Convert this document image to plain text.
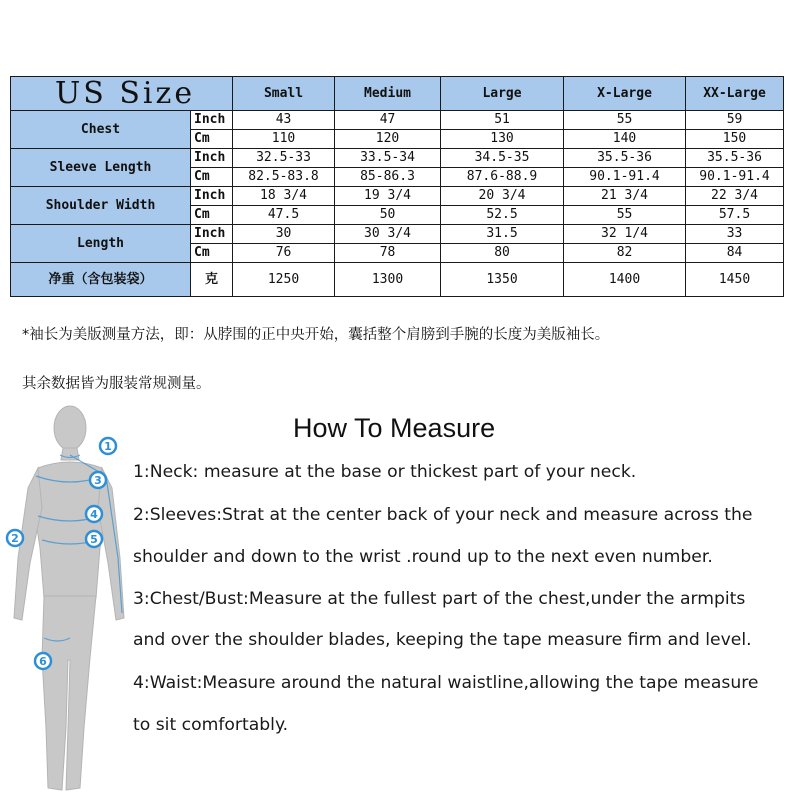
US Size		Small	Medium	Large	X-Large	XX-Large
Chest	Inch	43	47	51	55	59
	Cm	110	120	130	140	150
Sleeve Length	Inch	32.5-33	33.5-34	34.5-35	35.5-36	35.5-36
	Cm	82.5-83.8	85-86.3	87.6-88.9	90.1-91.4	90.1-91.4
Shoulder Width	Inch	18 3/4	19 3/4	20 3/4	21 3/4	22 3/4
	Cm	47.5	50	52.5	55	57.5
Length	Inch	30	30 3/4	31.5	32 1/4	33
	Cm	76	78	80	82	84
净重（含包装袋）	克	1250	1300	1350	1400	1450
*袖长为美版测量方法，即：从脖围的正中央开始，囊括整个肩膀到手腕的长度为美版袖长。
其余数据皆为服装常规测量。
1
2
3
4
5
6
How To Measure
1:Neck: measure at the base or thickest part of your neck.
2:Sleeves:Strat at the center back of your neck and measure across the
shoulder and down to the wrist .round up to the next even number.
3:Chest/Bust:Measure at the fullest part of the chest,under the armpits
and over the shoulder blades, keeping the tape measure firm and level.
4:Waist:Measure around the natural waistline,allowing the tape measure
to sit comfortably.
